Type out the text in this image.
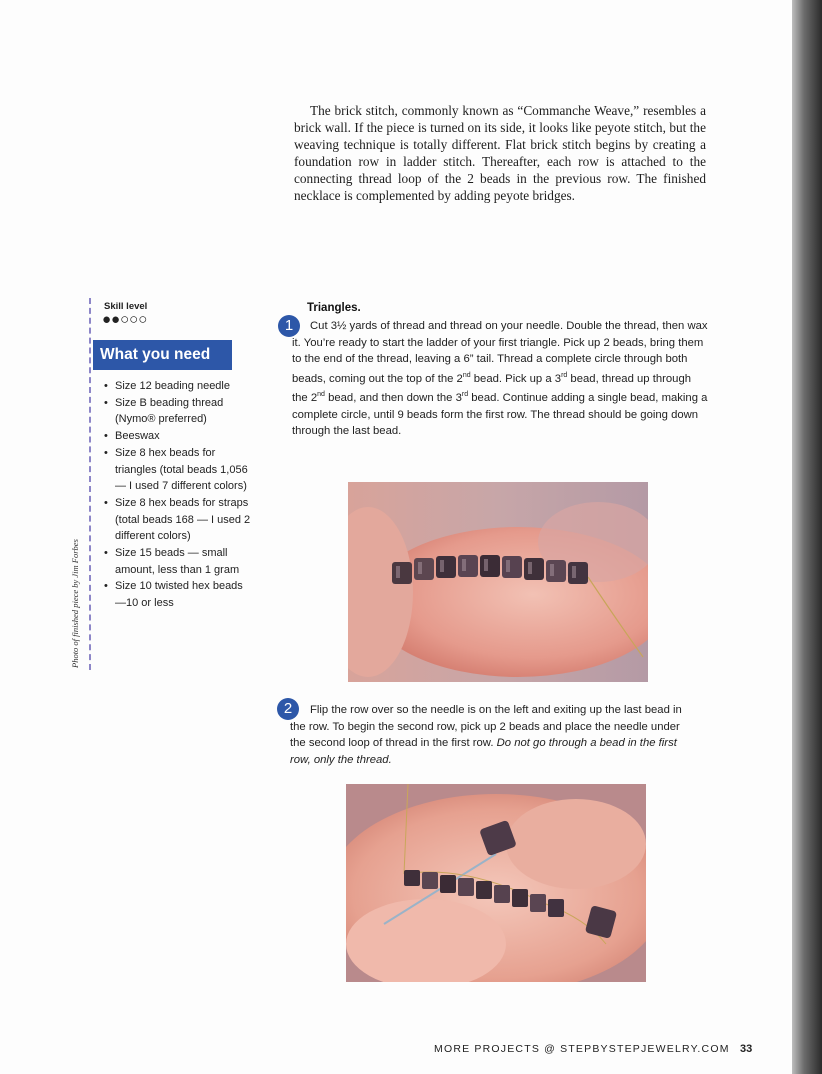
The brick stitch, commonly known as “Commanche Weave,” resembles a brick wall. If the piece is turned on its side, it looks like peyote stitch, but the weaving technique is totally different. Flat brick stitch begins by creating a foundation row in ladder stitch. Thereafter, each row is attached to the connecting thread loop of the 2 beads in the previous row. The finished necklace is complemented by adding peyote bridges.
Skill level
●●○○○
What you need
• Size 12 beading needle
• Size B beading thread (Nymo® preferred)
• Beeswax
• Size 8 hex beads for triangles (total beads 1,056 — I used 7 different colors)
• Size 8 hex beads for straps (total beads 168 — I used 2 different colors)
• Size 15 beads — small amount, less than 1 gram
• Size 10 twisted hex beads —10 or less
Photo of finished piece by Jim Forbes
1
Triangles.

Cut 3½ yards of thread and thread on your needle. Double the thread, then wax it. You’re ready to start the ladder of your first triangle. Pick up 2 beads, bring them to the end of the thread, leaving a 6” tail. Thread a complete circle through both beads, coming out the top of the 2nd bead. Pick up a 3rd bead, thread up through the 2nd bead, and then down the 3rd bead. Continue adding a single bead, making a complete circle, until 9 beads form the first row. The thread should be going down through the last bead.

2	Flip the row over so the needle is on the left and exiting up the last bead in the row. To begin the second row, pick up 2 beads and place the needle under the second loop of thread in the first row. Do not go through a bead in the first row, only the thread.

MORE PROJECTS @ STEPBYSTEPJEWELRY.COM 33
